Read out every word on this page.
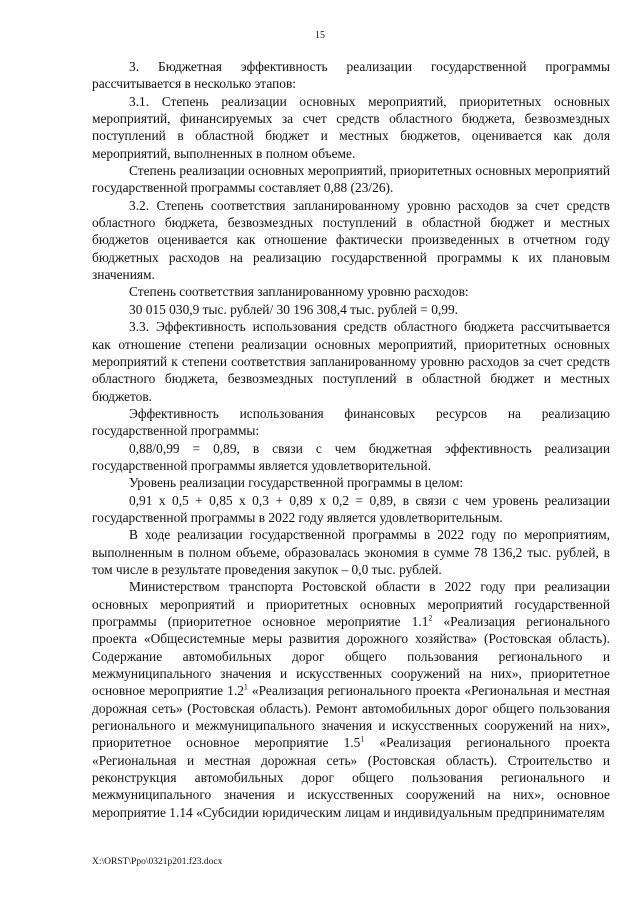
15

3. Бюджетная эффективность реализации государственной программы рассчитывается в несколько этапов:

3.1. Степень реализации основных мероприятий, приоритетных основных мероприятий, финансируемых за счет средств областного бюджета, безвозмездных поступлений в областной бюджет и местных бюджетов, оценивается как доля мероприятий, выполненных в полном объеме.

Степень реализации основных мероприятий, приоритетных основных мероприятий государственной программы составляет 0,88 (23/26).

3.2. Степень соответствия запланированному уровню расходов за счет средств областного бюджета, безвозмездных поступлений в областной бюджет и местных бюджетов оценивается как отношение фактически произведенных в отчетном году бюджетных расходов на реализацию государственной программы к их плановым значениям.

Степень соответствия запланированному уровню расходов:

30 015 030,9 тыс. рублей/ 30 196 308,4 тыс. рублей = 0,99.

3.3. Эффективность использования средств областного бюджета рассчитывается как отношение степени реализации основных мероприятий, приоритетных основных мероприятий к степени соответствия запланированному уровню расходов за счет средств областного бюджета, безвозмездных поступлений в областной бюджет и местных бюджетов.

Эффективность использования финансовых ресурсов на реализацию государственной программы:

0,88/0,99 = 0,89, в связи с чем бюджетная эффективность реализации государственной программы является удовлетворительной.

Уровень реализации государственной программы в целом:

0,91 х 0,5 + 0,85 х 0,3 + 0,89 х 0,2 = 0,89, в связи с чем уровень реализации государственной программы в 2022 году является удовлетворительным.

В ходе реализации государственной программы в 2022 году по мероприятиям, выполненным в полном объеме, образовалась экономия в сумме 78 136,2 тыс. рублей, в том числе в результате проведения закупок – 0,0 тыс. рублей.

Министерством транспорта Ростовской области в 2022 году при реализации основных мероприятий и приоритетных основных мероприятий государственной программы (приоритетное основное мероприятие $1.1^2$ «Реализация регионального проекта «Общесистемные меры развития дорожного хозяйства» (Ростовская область). Содержание автомобильных дорог общего пользования регионального и межмуниципального значения и искусственных сооружений на них», приоритетное основное мероприятие $1.2^1$ «Реализация регионального проекта «Региональная и местная дорожная сеть» (Ростовская область). Ремонт автомобильных дорог общего пользования регионального и межмуниципального значения и искусственных сооружений на них», приоритетное основное мероприятие $1.5^1$ «Реализация регионального проекта «Региональная и местная дорожная сеть» (Ростовская область). Строительство и реконструкция автомобильных дорог общего пользования регионального и межмуниципального значения и искусственных сооружений на них», основное мероприятие 1.14 «Субсидии юридическим лицам и индивидуальным предпринимателям

X:\ORST\Ppo\0321p201.f23.docx
